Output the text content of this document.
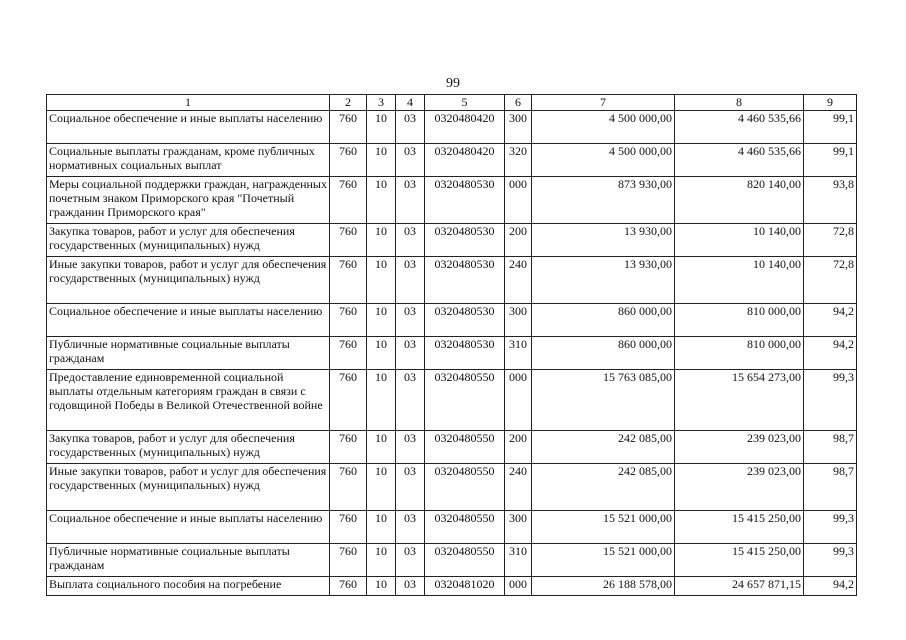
99
1	2	3	4	5	6	7	8	9
Социальное обеспечение и иные выплаты населению	760	10	03	0320480420	300	4 500 000,00	4 460 535,66	99,1
Социальные выплаты гражданам, кроме публичных нормативных социальных выплат	760	10	03	0320480420	320	4 500 000,00	4 460 535,66	99,1
Меры социальной поддержки граждан, награжденных почетным знаком Приморского края "Почетный гражданин Приморского края"	760	10	03	0320480530	000	873 930,00	820 140,00	93,8
Закупка товаров, работ и услуг для обеспечения государственных (муниципальных) нужд	760	10	03	0320480530	200	13 930,00	10 140,00	72,8
Иные закупки товаров, работ и услуг для обеспечения государственных (муниципальных) нужд	760	10	03	0320480530	240	13 930,00	10 140,00	72,8
Социальное обеспечение и иные выплаты населению	760	10	03	0320480530	300	860 000,00	810 000,00	94,2
Публичные нормативные социальные выплаты гражданам	760	10	03	0320480530	310	860 000,00	810 000,00	94,2
Предоставление единовременной социальной выплаты отдельным категориям граждан в связи с годовщиной Победы в Великой Отечественной войне	760	10	03	0320480550	000	15 763 085,00	15 654 273,00	99,3
Закупка товаров, работ и услуг для обеспечения государственных (муниципальных) нужд	760	10	03	0320480550	200	242 085,00	239 023,00	98,7
Иные закупки товаров, работ и услуг для обеспечения государственных (муниципальных) нужд	760	10	03	0320480550	240	242 085,00	239 023,00	98,7
Социальное обеспечение и иные выплаты населению	760	10	03	0320480550	300	15 521 000,00	15 415 250,00	99,3
Публичные нормативные социальные выплаты гражданам	760	10	03	0320480550	310	15 521 000,00	15 415 250,00	99,3
Выплата социального пособия на погребение	760	10	03	0320481020	000	26 188 578,00	24 657 871,15	94,2
